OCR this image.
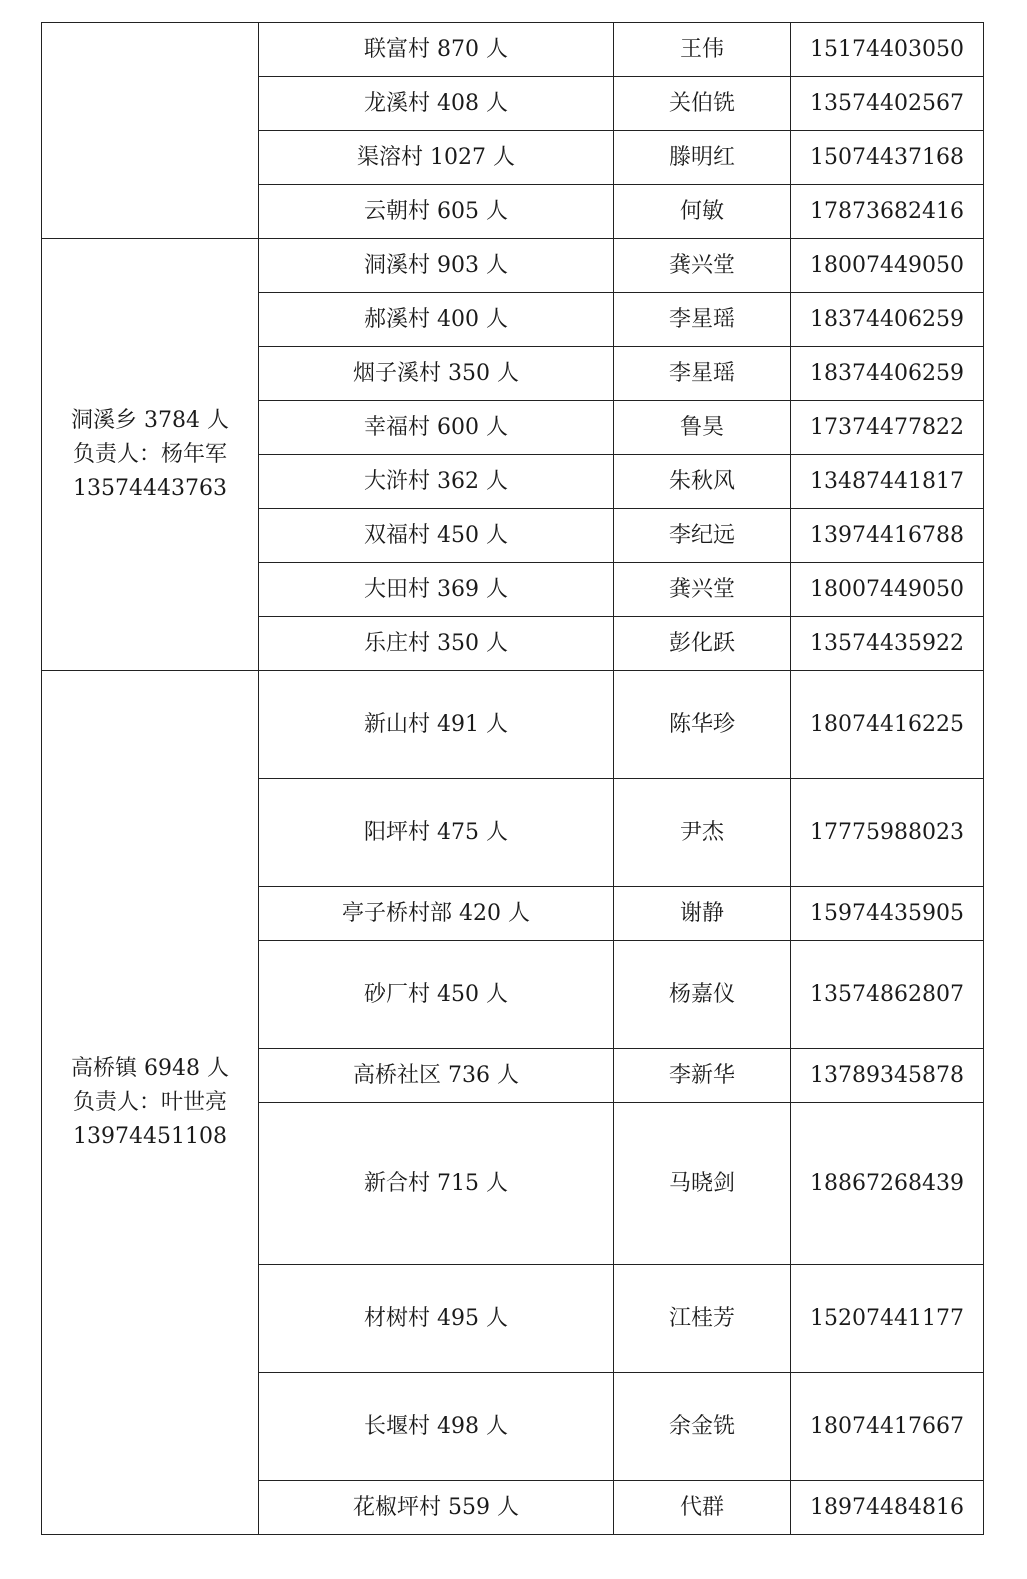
	联富村 870 人	王伟	15174403050
	龙溪村 408 人	关伯铣	13574402567
	渠溶村 1027 人	滕明红	15074437168
	云朝村 605 人	何敏	17873682416

洞溪乡 3784 人
负责人：杨年军
13574443763	洞溪村 903 人	龚兴堂	18007449050
	郝溪村 400 人	李星瑶	18374406259
	烟子溪村 350 人	李星瑶	18374406259
	幸福村 600 人	鲁昊	17374477822
	大浒村 362 人	朱秋风	13487441817
	双福村 450 人	李纪远	13974416788
	大田村 369 人	龚兴堂	18007449050
	乐庄村 350 人	彭化跃	13574435922

高桥镇 6948 人
负责人：叶世亮
13974451108	新山村 491 人	陈华珍	18074416225
	阳坪村 475 人	尹杰	17775988023
	亭子桥村部 420 人	谢静	15974435905
	砂厂村 450 人	杨嘉仪	13574862807
	高桥社区 736 人	李新华	13789345878
	新合村 715 人	马晓剑	18867268439
	材树村 495 人	江桂芳	15207441177
	长堰村 498 人	余金铣	18074417667
	花椒坪村 559 人	代群	18974484816
